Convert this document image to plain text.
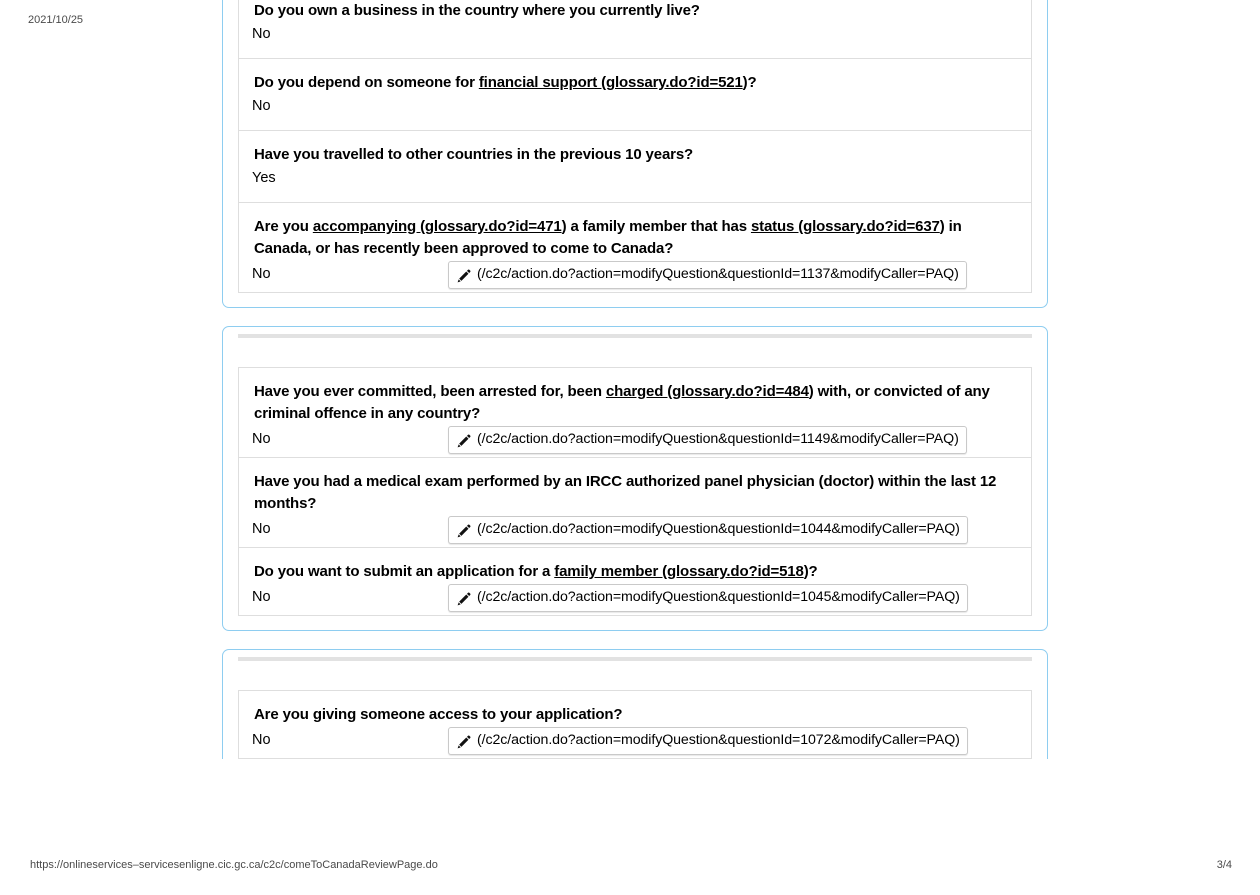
2021/10/25
Do you own a business in the country where you currently live?
No
Do you depend on someone for financial support (glossary.do?id=521)?
No
Have you travelled to other countries in the previous 10 years?
Yes
Are you accompanying (glossary.do?id=471) a family member that has status (glossary.do?id=637) in Canada, or has recently been approved to come to Canada?
No	(/c2c/action.do?action=modifyQuestion&questionId=1137&modifyCaller=PAQ)
Have you ever committed, been arrested for, been charged (glossary.do?id=484) with, or convicted of any criminal offence in any country?
No	(/c2c/action.do?action=modifyQuestion&questionId=1149&modifyCaller=PAQ)
Have you had a medical exam performed by an IRCC authorized panel physician (doctor) within the last 12 months?
No	(/c2c/action.do?action=modifyQuestion&questionId=1044&modifyCaller=PAQ)
Do you want to submit an application for a family member (glossary.do?id=518)?
No	(/c2c/action.do?action=modifyQuestion&questionId=1045&modifyCaller=PAQ)
Are you giving someone access to your application?
No	(/c2c/action.do?action=modifyQuestion&questionId=1072&modifyCaller=PAQ)
https://onlineservices–servicesenligne.cic.gc.ca/c2c/comeToCanadaReviewPage.do	3/4
